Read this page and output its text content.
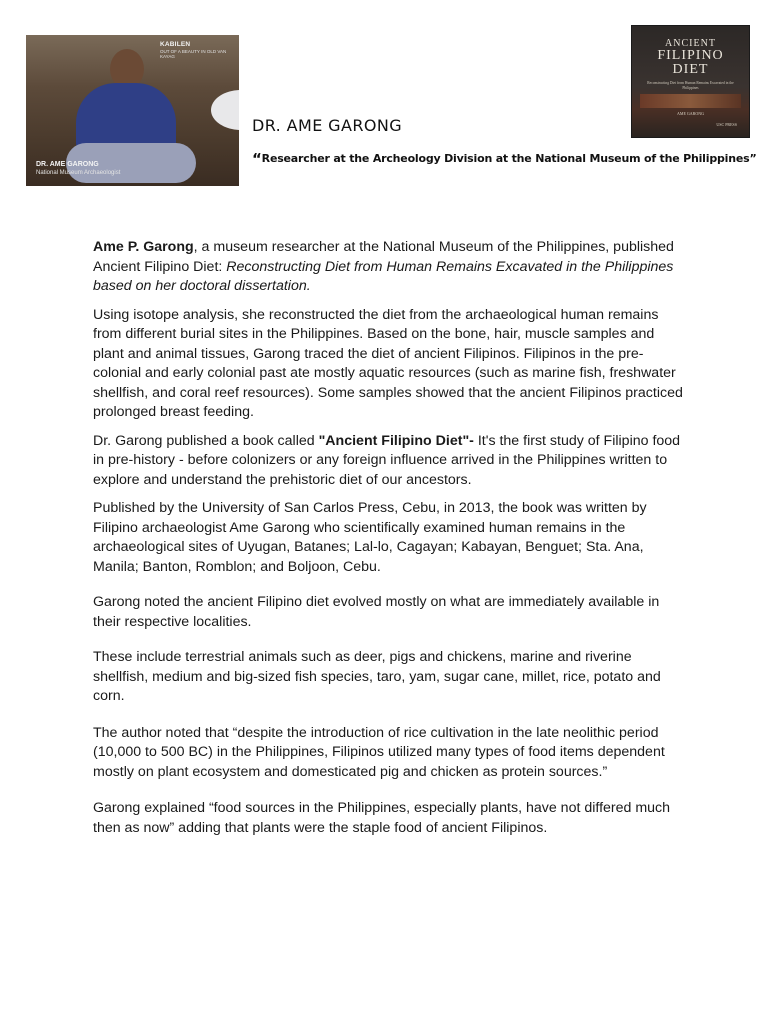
KABILEN
OUT OF A BEAUTY IN OLD VAN KAYAG
DR. AME GARONG
National Museum Archaeologist
ANCIENT
FILIPINO
DIET
Reconstructing Diet from Human Remains Excavated in the Philippines
AME GARONG
USC PRESS
DR. AME GARONG
“Researcher at the Archeology Division at the National Museum of the Philippines”

Ame P. Garong, a museum researcher at the National Museum of the Philippines, published Ancient Filipino Diet: Reconstructing Diet from Human Remains Excavated in the Philippines based on her doctoral dissertation.

Using isotope analysis, she reconstructed the diet from the archaeological human remains from different burial sites in the Philippines. Based on the bone, hair, muscle samples and plant and animal tissues, Garong traced the diet of ancient Filipinos. Filipinos in the pre-colonial and early colonial past ate mostly aquatic resources (such as marine fish, freshwater shellfish, and coral reef resources). Some samples showed that the ancient Filipinos practiced prolonged breast feeding.

Dr. Garong published a book called "Ancient Filipino Diet"- It's the first study of Filipino food in pre-history - before colonizers or any foreign influence arrived in the Philippines written to explore and understand the prehistoric diet of our ancestors.

Published by the University of San Carlos Press, Cebu, in 2013, the book was written by Filipino archaeologist Ame Garong who scientifically examined human remains in the archaeological sites of Uyugan, Batanes; Lal-lo, Cagayan; Kabayan, Benguet; Sta. Ana, Manila; Banton, Romblon; and Boljoon, Cebu.

Garong noted the ancient Filipino diet evolved mostly on what are immediately available in their respective localities.

These include terrestrial animals such as deer, pigs and chickens, marine and riverine shellfish, medium and big-sized fish species, taro, yam, sugar cane, millet, rice, potato and corn.

The author noted that “despite the introduction of rice cultivation in the late neolithic period (10,000 to 500 BC) in the Philippines, Filipinos utilized many types of food items dependent mostly on plant ecosystem and domesticated pig and chicken as protein sources.”

Garong explained “food sources in the Philippines, especially plants, have not differed much then as now” adding that plants were the staple food of ancient Filipinos.
